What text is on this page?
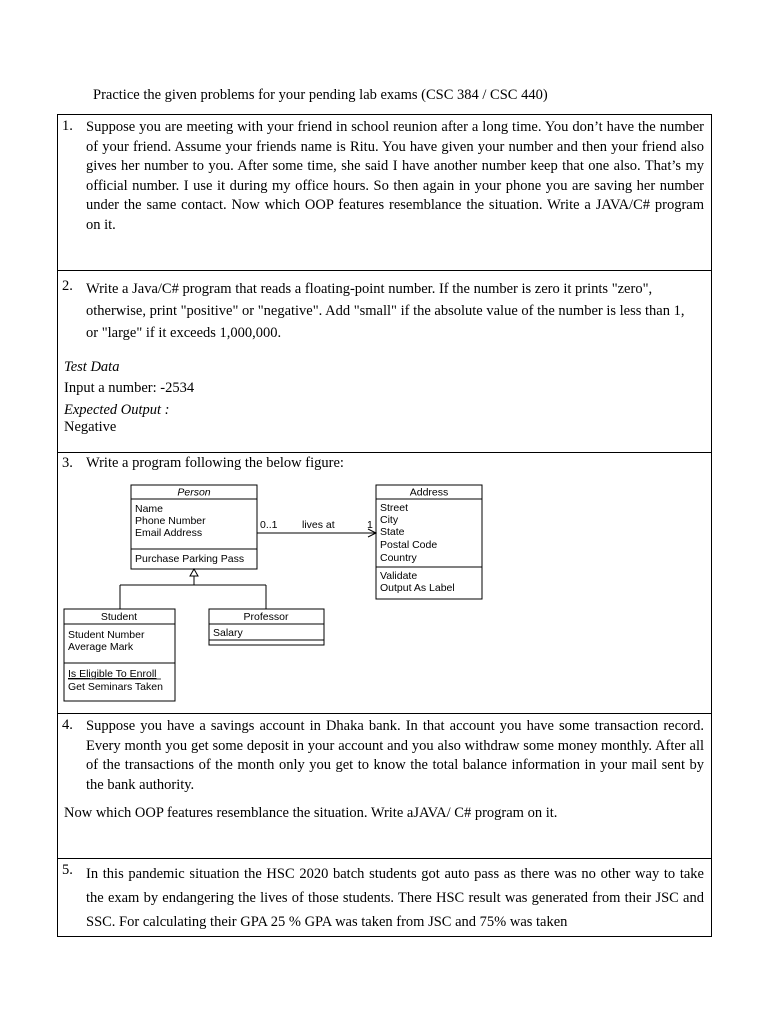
Practice the given problems for your pending lab exams (CSC 384 / CSC 440)
1. Suppose you are meeting with your friend in school reunion after a long time. You don’t have the number of your friend. Assume your friends name is Ritu. You have given your number and then your friend also gives her number to you. After some time, she said I have another number keep that one also. That’s my official number. I use it during my office hours. So then again in your phone you are saving her number under the same contact. Now which OOP features resemblance the situation. Write a JAVA/C# program on it.
2. Write a Java/C# program that reads a floating-point number. If the number is zero it prints "zero", otherwise, print "positive" or "negative". Add "small" if the absolute value of the number is less than 1, or "large" if it exceeds 1,000,000.
Test Data
Input a number: -2534
Expected Output :
Negative
3. Write a program following the below figure:
Person
Name
Phone Number
Email Address
Purchase Parking Pass
Address
Street
City
State
Postal Code
Country
Validate
Output As Label
0..1 lives at	1
Student
Student Number
Average Mark
Is Eligible To Enroll
Get Seminars Taken
Professor
Salary
4. Suppose you have a savings account in Dhaka bank. In that account you have some transaction record. Every month you get some deposit in your account and you also withdraw some money monthly. After all of the transactions of the month only you get to know the total balance information in your mail sent by the bank authority.
Now which OOP features resemblance the situation. Write aJAVA/ C# program on it.
5. In this pandemic situation the HSC 2020 batch students got auto pass as there was no other way to take the exam by endangering the lives of those students. There HSC result was generated from their JSC and SSC. For calculating their GPA 25 % GPA was taken from JSC and 75% was taken
